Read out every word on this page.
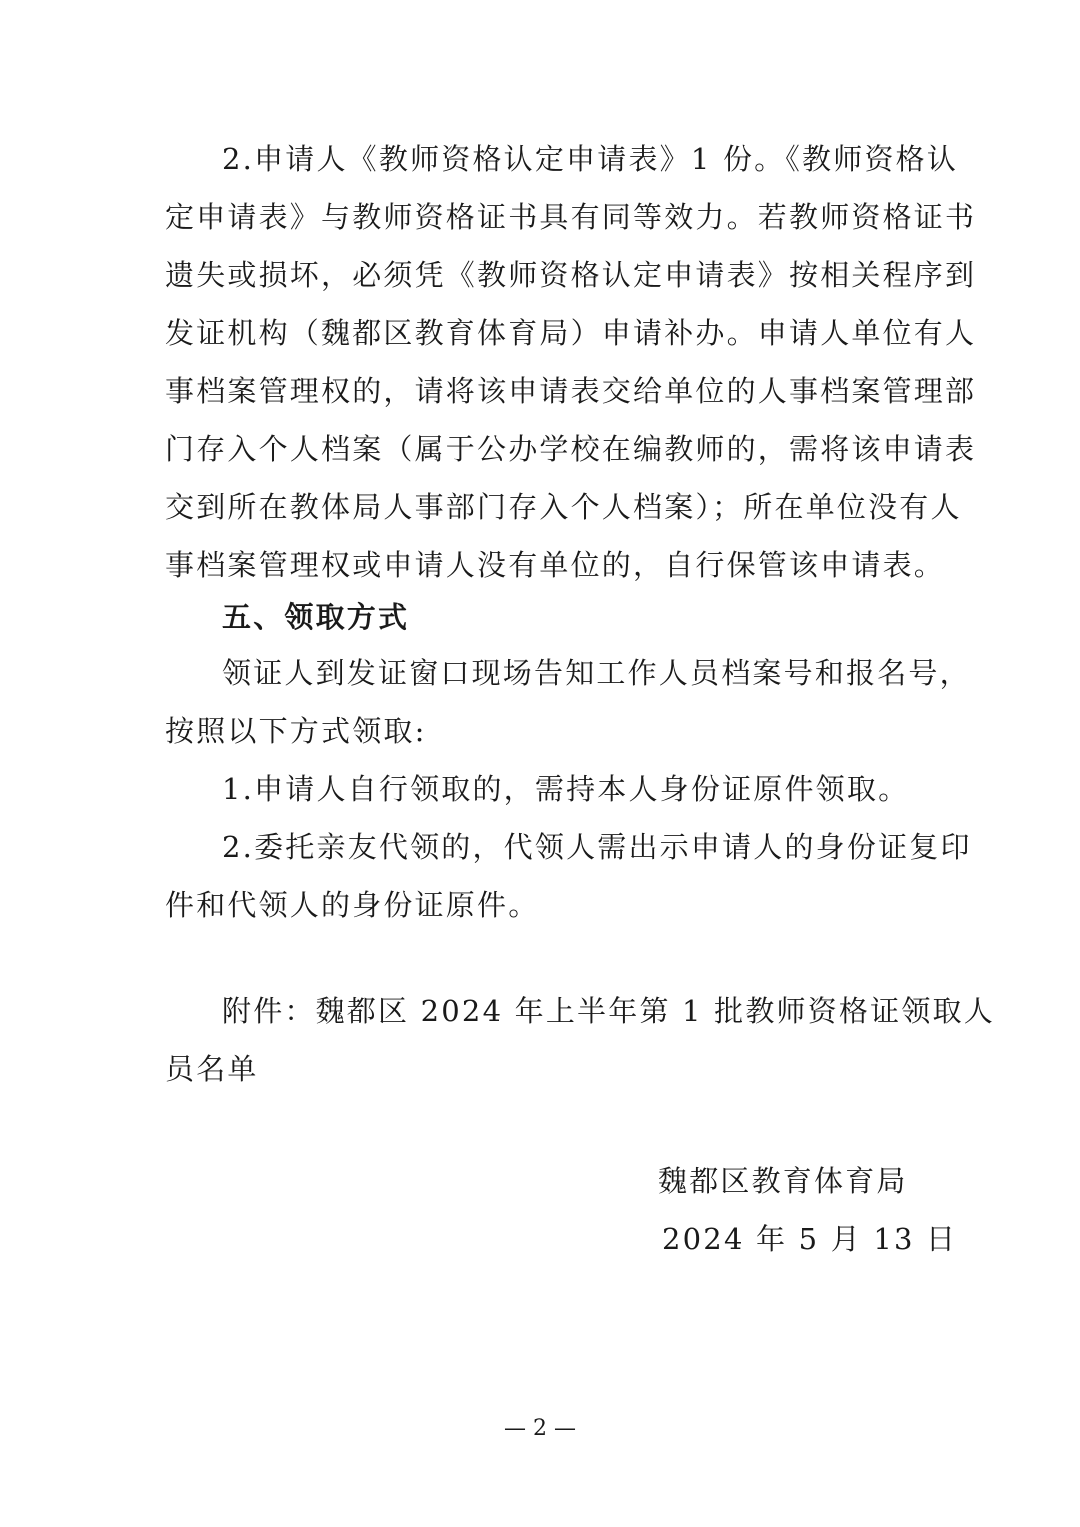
2.申请人《教师资格认定申请表》1 份。《教师资格认
定申请表》与教师资格证书具有同等效力。若教师资格证书
遗失或损坏，必须凭《教师资格认定申请表》按相关程序到
发证机构（魏都区教育体育局）申请补办。申请人单位有人
事档案管理权的，请将该申请表交给单位的人事档案管理部
门存入个人档案（属于公办学校在编教师的，需将该申请表
交到所在教体局人事部门存入个人档案）；所在单位没有人
事档案管理权或申请人没有单位的，自行保管该申请表。
五、领取方式
领证人到发证窗口现场告知工作人员档案号和报名号，
按照以下方式领取:
1.申请人自行领取的，需持本人身份证原件领取。
2.委托亲友代领的，代领人需出示申请人的身份证复印
件和代领人的身份证原件。
附件：魏都区 2024 年上半年第 1 批教师资格证领取人
员名单
魏都区教育体育局
2024 年 5 月 13 日
— 2 —
